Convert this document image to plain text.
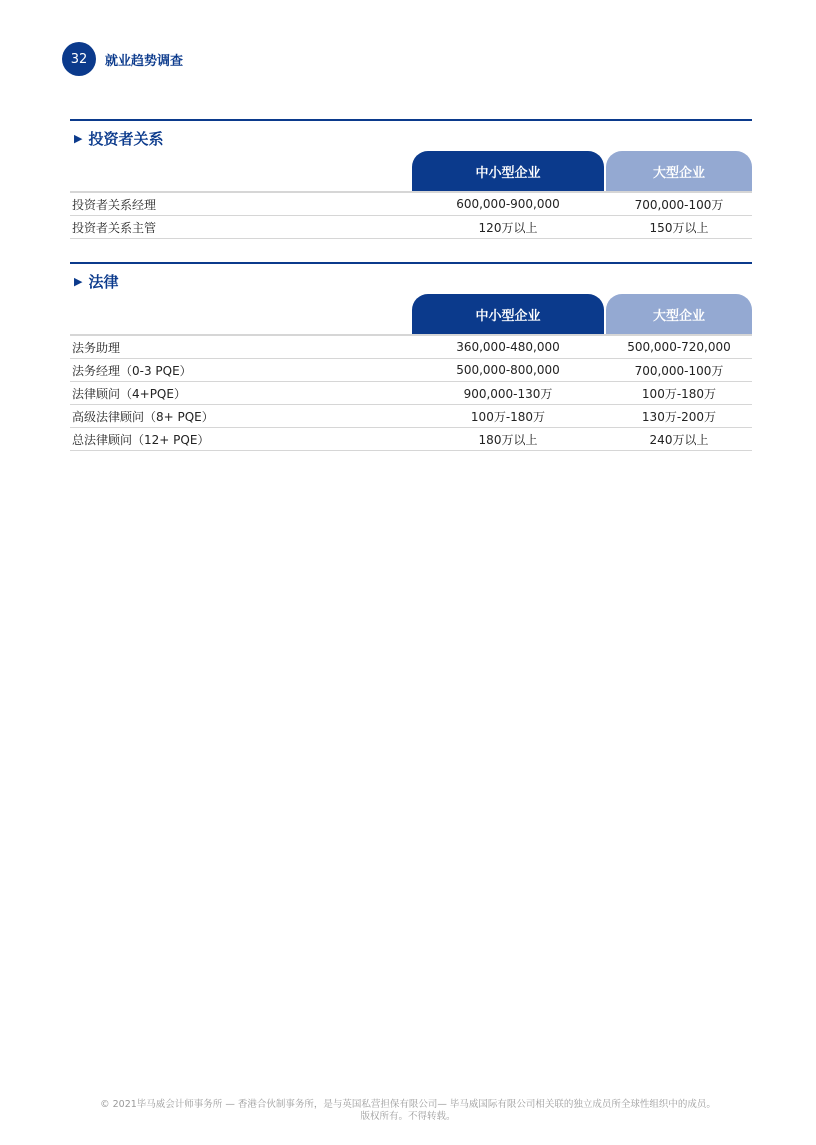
32	就业趋势调查
▶ 投资者关系
中小型企业	大型企业
投资者关系经理	600,000-900,000	700,000-100万
投资者关系主管	120万以上	150万以上
▶ 法律
中小型企业	大型企业
法务助理	360,000-480,000	500,000-720,000
法务经理（0-3 PQE）	500,000-800,000	700,000-100万
法律顾问（4+PQE）	900,000-130万	100万-180万
高级法律顾问（8+ PQE）	100万-180万	130万-200万
总法律顾问（12+ PQE）	180万以上	240万以上
© 2021毕马威会计师事务所 — 香港合伙制事务所，是与英国私营担保有限公司— 毕马威国际有限公司相关联的独立成员所全球性组织中的成员。
版权所有。不得转载。
